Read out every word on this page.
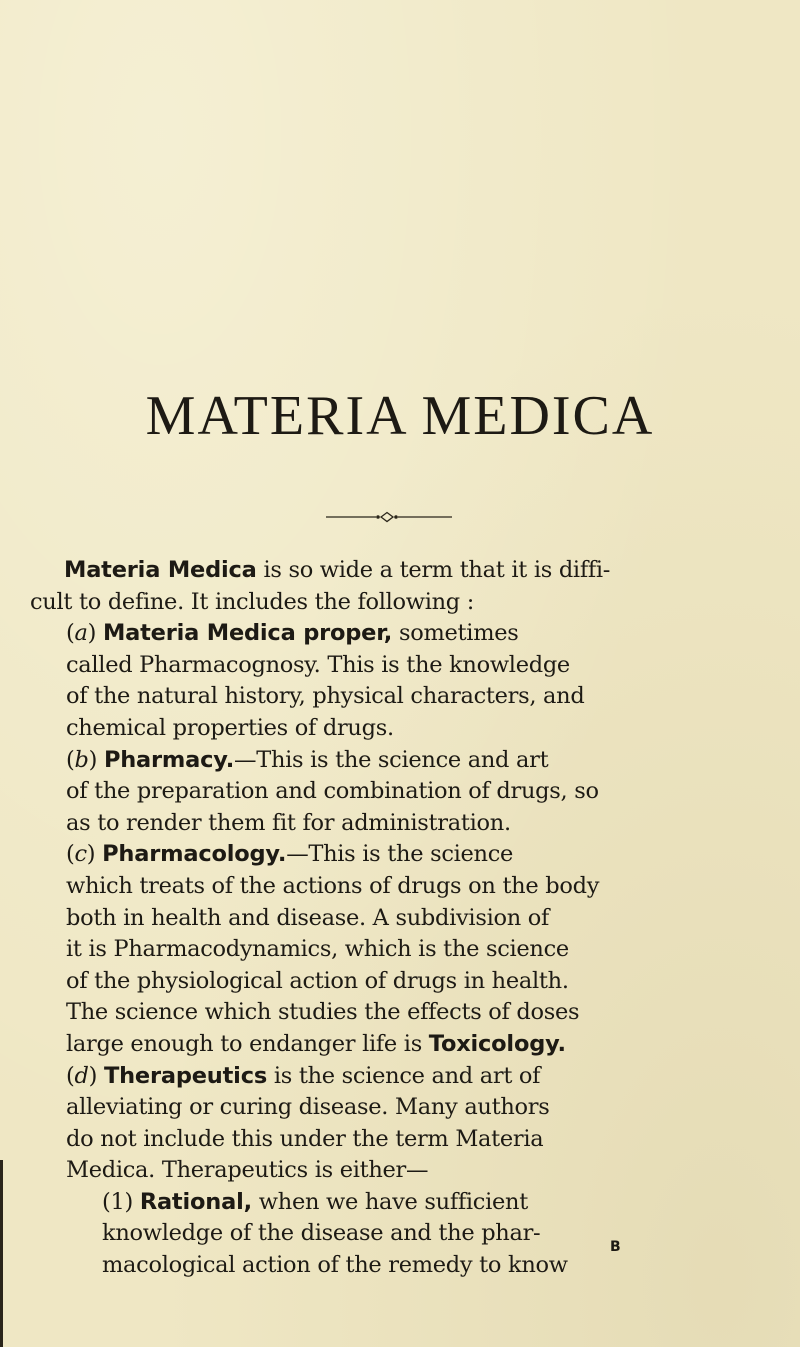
MATERIA MEDICA
Materia Medica is so wide a term that it is diffi-
cult to define. It includes the following :
(a) Materia Medica proper, sometimes
called Pharmacognosy. This is the knowledge
of the natural history, physical characters, and
chemical properties of drugs.
(b) Pharmacy.—This is the science and art
of the preparation and combination of drugs, so
as to render them fit for administration.
(c) Pharmacology.—This is the science
which treats of the actions of drugs on the body
both in health and disease. A subdivision of
it is Pharmacodynamics, which is the science
of the physiological action of drugs in health.
The science which studies the effects of doses
large enough to endanger life is Toxicology.
(d) Therapeutics is the science and art of
alleviating or curing disease. Many authors
do not include this under the term Materia
Medica. Therapeutics is either—
(1) Rational, when we have sufficient
knowledge of the disease and the phar-
macological action of the remedy to know
B
